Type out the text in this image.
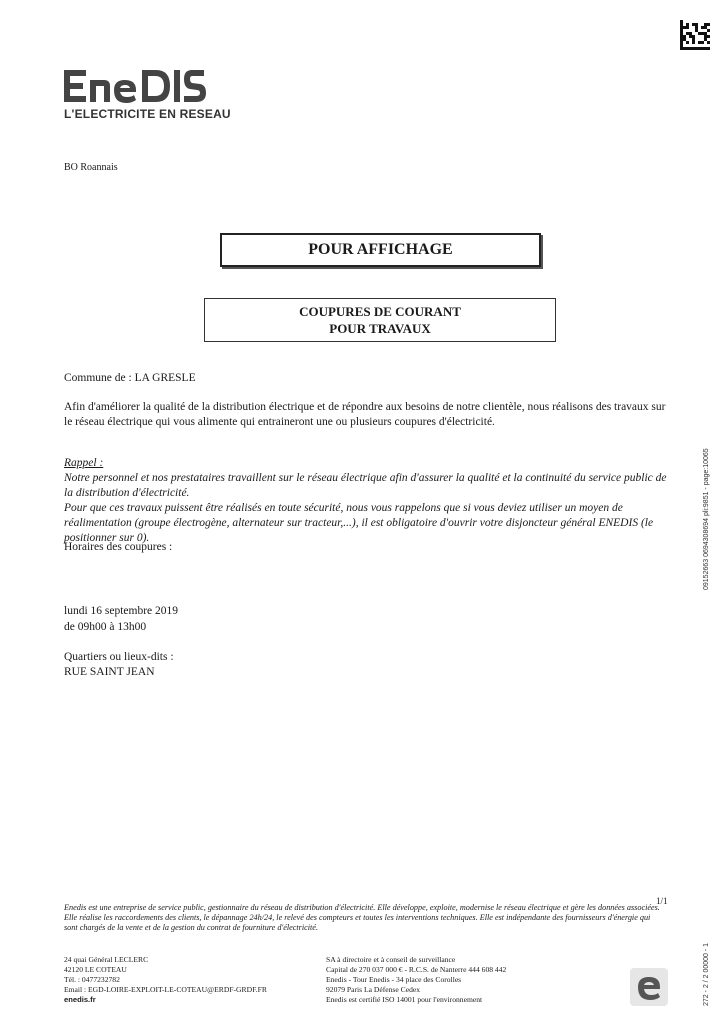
L'ELECTRICITE EN RESEAU
09152663 0694308694 pli:9851 - page:10065
272 - 2 / 2 00000 - 1
BO Roannais
POUR AFFICHAGE
COUPURES DE COURANT
POUR TRAVAUX
Commune de : LA GRESLE
Afin d'améliorer la qualité de la distribution électrique et de répondre aux besoins de notre clientèle, nous réalisons des travaux sur le réseau électrique qui vous alimente qui entraineront une ou plusieurs coupures d'électricité.
Rappel :
Notre personnel et nos prestataires travaillent sur le réseau électrique afin d'assurer la qualité et la continuité du service public de la distribution d'électricité.
Pour que ces travaux puissent être réalisés en toute sécurité, nous vous rappelons que si vous deviez utiliser un moyen de réalimentation (groupe électrogène, alternateur sur tracteur,...), il est obligatoire d'ouvrir votre disjoncteur général ENEDIS (le positionner sur 0).
Horaires des coupures :
lundi 16 septembre 2019
de 09h00 à 13h00
Quartiers ou lieux-dits :
RUE SAINT JEAN
1/1
Enedis est une entreprise de service public, gestionnaire du réseau de distribution d'électricité. Elle développe, exploite, modernise le réseau électrique et gère les données associées. Elle réalise les raccordements des clients, le dépannage 24h/24, le relevé des compteurs et toutes les interventions techniques. Elle est indépendante des fournisseurs d'énergie qui sont chargés de la vente et de la gestion du contrat de fourniture d'électricité.
24 quai Général LECLERC
42120 LE COTEAU
Tél. : 0477232782
Email : EGD-LOIRE-EXPLOIT-LE-COTEAU@ERDF-GRDF.FR
enedis.fr
SA à directoire et à conseil de surveillance
Capital de 270 037 000 € - R.C.S. de Nanterre 444 608 442
Enedis - Tour Enedis - 34 place des Corolles
92079 Paris La Défense Cedex
Enedis est certifié ISO 14001 pour l'environnement
